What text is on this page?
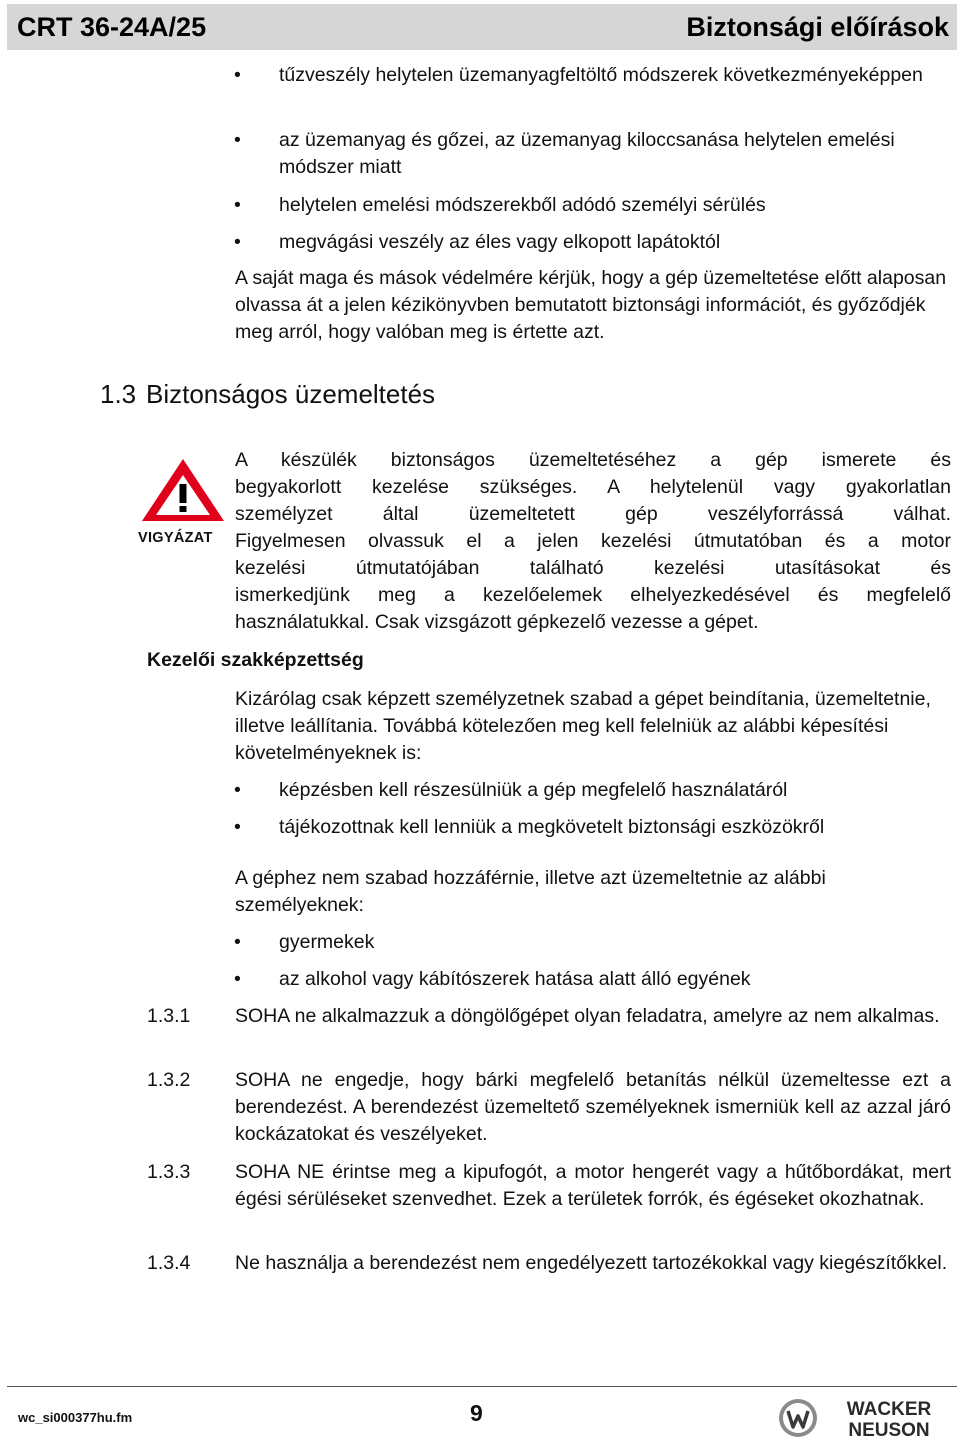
CRT 36-24A/25	Biztonsági előírások
• tűzveszély helytelen üzemanyagfeltöltő módszerek következményeképpen
• az üzemanyag és gőzei, az üzemanyag kiloccsanása helytelen emelési módszer miatt
• helytelen emelési módszerekből adódó személyi sérülés
• megvágási veszély az éles vagy elkopott lapátoktól
A saját maga és mások védelmére kérjük, hogy a gép üzemeltetése előtt alaposan olvassa át a jelen kézikönyvben bemutatott biztonsági információt, és győződjék meg arról, hogy valóban meg is értette azt.
1.3 Biztonságos üzemeltetés
VIGYÁZAT
A készülék biztonságos üzemeltetéséhez a gép ismerete és
begyakorlott kezelése szükséges. A helytelenül vagy gyakorlatlan
személyzet által üzemeltetett gép veszélyforrássá válhat.
Figyelmesen olvassuk el a jelen kezelési útmutatóban és a motor
kezelési útmutatójában található kezelési utasításokat és
ismerkedjünk meg a kezelőelemek elhelyezkedésével és megfelelő
használatukkal. Csak vizsgázott gépkezelő vezesse a gépet.
Kezelői szakképzettség
Kizárólag csak képzett személyzetnek szabad a gépet beindítania, üzemeltetnie, illetve leállítania. Továbbá kötelezően meg kell felelniük az alábbi képesítési követelményeknek is:
• képzésben kell részesülniük a gép megfelelő használatáról
• tájékozottnak kell lenniük a megkövetelt biztonsági eszközökről
A géphez nem szabad hozzáférnie, illetve azt üzemeltetnie az alábbi személyeknek:
• gyermekek
• az alkohol vagy kábítószerek hatása alatt álló egyének
1.3.1 SOHA ne alkalmazzuk a döngölőgépet olyan feladatra, amelyre az nem alkalmas.
1.3.2 SOHA ne engedje, hogy bárki megfelelő betanítás nélkül üzemeltesse ezt a berendezést. A berendezést üzemeltető személyeknek ismerniük kell az azzal járó kockázatokat és veszélyeket.
1.3.3 SOHA NE érintse meg a kipufogót, a motor hengerét vagy a hűtőbordákat, mert égési sérüléseket szenvedhet. Ezek a területek forrók, és égéseket okozhatnak.
1.3.4 Ne használja a berendezést nem engedélyezett tartozékokkal vagy kiegészítőkkel.
wc_si000377hu.fm	9	WACKER
NEUSON
